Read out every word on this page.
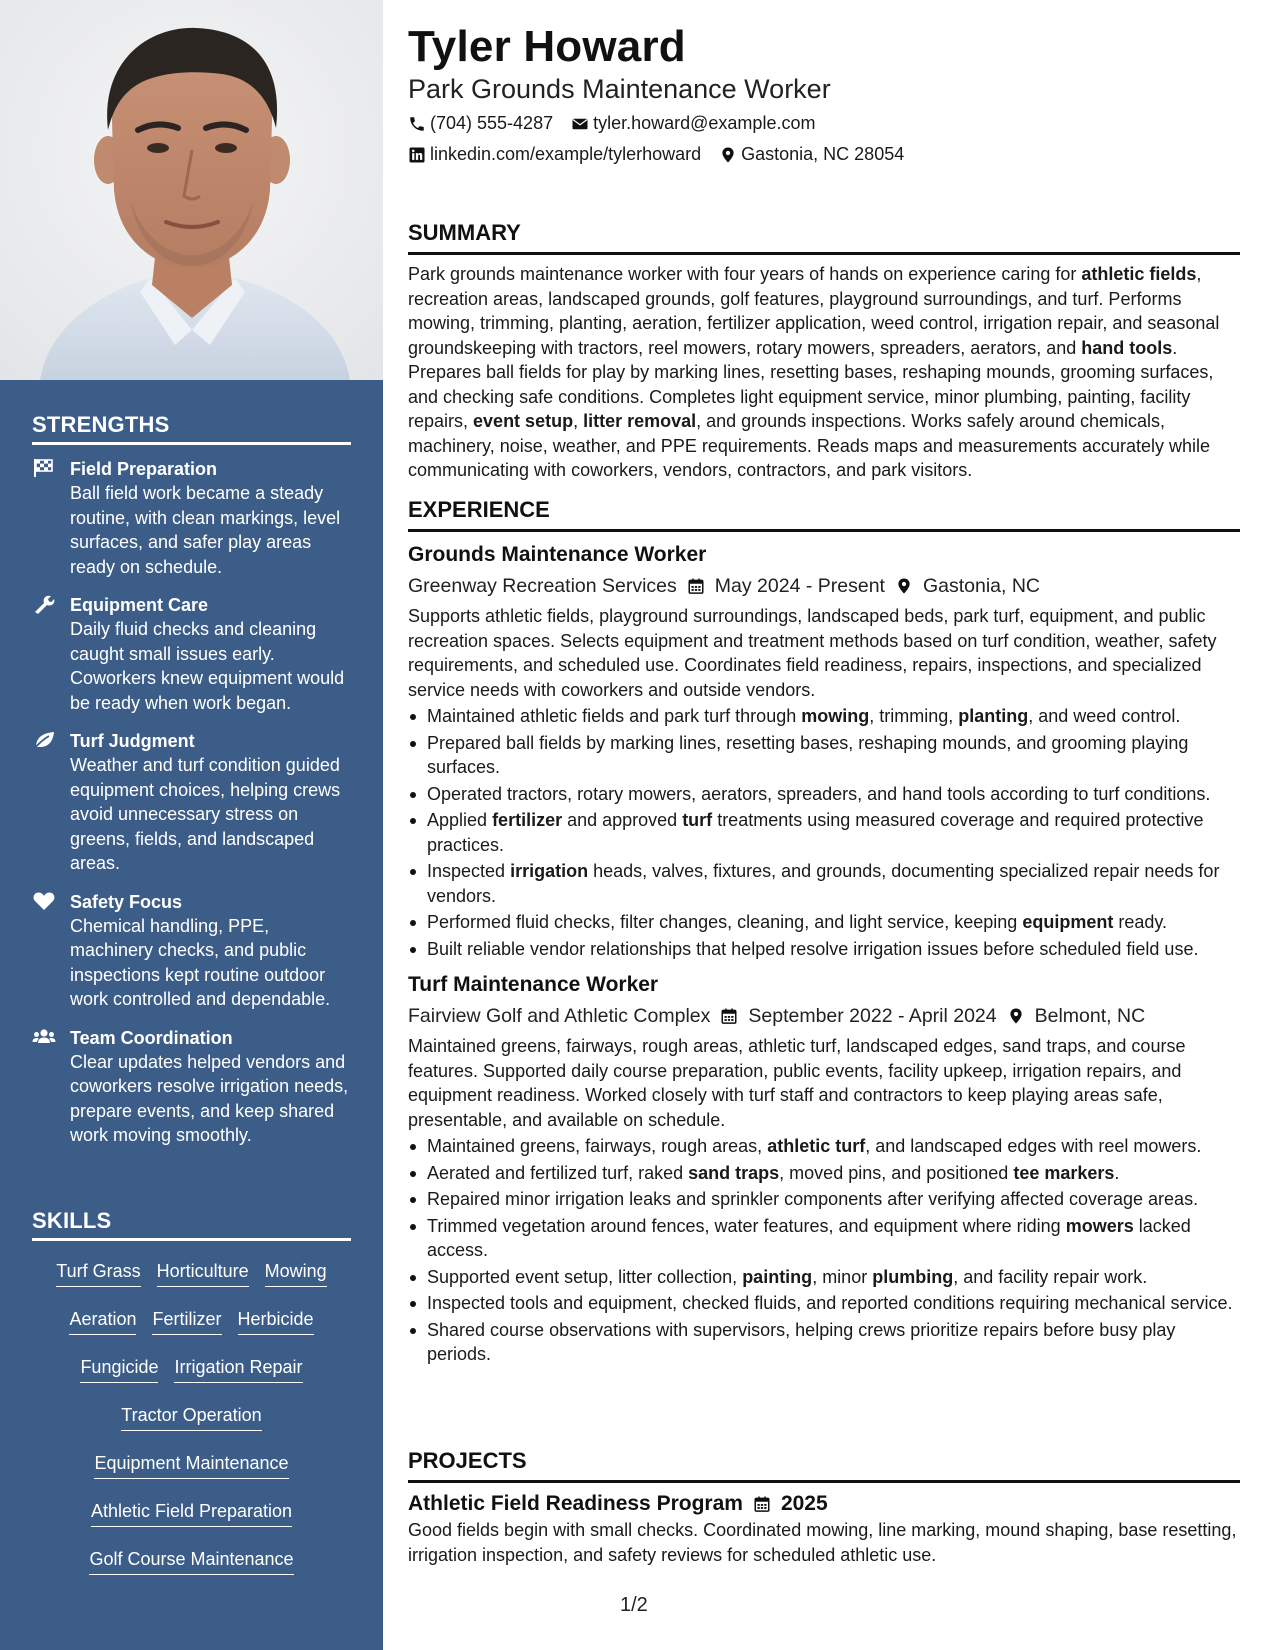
STRENGTHS
Field Preparation
Ball field work became a steady routine, with clean markings, level surfaces, and safer play areas ready on schedule.
Equipment Care
Daily fluid checks and cleaning caught small issues early. Coworkers knew equipment would be ready when work began.
Turf Judgment
Weather and turf condition guided equipment choices, helping crews avoid unnecessary stress on greens, fields, and landscaped areas.
Safety Focus
Chemical handling, PPE, machinery checks, and public inspections kept routine outdoor work controlled and dependable.
Team Coordination
Clear updates helped vendors and coworkers resolve irrigation needs, prepare events, and keep shared work moving smoothly.
SKILLS
Turf Grass Horticulture Mowing
Aeration Fertilizer Herbicide
Fungicide Irrigation Repair
Tractor Operation
Equipment Maintenance
Athletic Field Preparation
Golf Course Maintenance
Tyler Howard
Park Grounds Maintenance Worker
(704) 555-4287 tyler.howard@example.com
linkedin.com/example/tylerhoward Gastonia, NC 28054
SUMMARY

Park grounds maintenance worker with four years of hands on experience caring for athletic fields, recreation areas, landscaped grounds, golf features, playground surroundings, and turf. Performs mowing, trimming, planting, aeration, fertilizer application, weed control, irrigation repair, and seasonal groundskeeping with tractors, reel mowers, rotary mowers, spreaders, aerators, and hand tools. Prepares ball fields for play by marking lines, resetting bases, reshaping mounds, grooming surfaces, and checking safe conditions. Completes light equipment service, minor plumbing, painting, facility repairs, event setup, litter removal, and grounds inspections. Works safely around chemicals, machinery, noise, weather, and PPE requirements. Reads maps and measurements accurately while communicating with coworkers, vendors, contractors, and park visitors.

EXPERIENCE
Grounds Maintenance Worker
Greenway Recreation Services May 2024 - Present Gastonia, NC

Supports athletic fields, playground surroundings, landscaped beds, park turf, equipment, and public recreation spaces. Selects equipment and treatment methods based on turf condition, weather, safety requirements, and scheduled use. Coordinates field readiness, repairs, inspections, and specialized service needs with coworkers and outside vendors.

Maintained athletic fields and park turf through mowing, trimming, planting, and weed control.
Prepared ball fields by marking lines, resetting bases, reshaping mounds, and grooming playing surfaces.
Operated tractors, rotary mowers, aerators, spreaders, and hand tools according to turf conditions.
Applied fertilizer and approved turf treatments using measured coverage and required protective practices.
Inspected irrigation heads, valves, fixtures, and grounds, documenting specialized repair needs for vendors.
Performed fluid checks, filter changes, cleaning, and light service, keeping equipment ready.
Built reliable vendor relationships that helped resolve irrigation issues before scheduled field use.
Turf Maintenance Worker
Fairview Golf and Athletic Complex September 2022 - April 2024 Belmont, NC

Maintained greens, fairways, rough areas, athletic turf, landscaped edges, sand traps, and course features. Supported daily course preparation, public events, facility upkeep, irrigation repairs, and equipment readiness. Worked closely with turf staff and contractors to keep playing areas safe, presentable, and available on schedule.

Maintained greens, fairways, rough areas, athletic turf, and landscaped edges with reel mowers.
Aerated and fertilized turf, raked sand traps, moved pins, and positioned tee markers.
Repaired minor irrigation leaks and sprinkler components after verifying affected coverage areas.
Trimmed vegetation around fences, water features, and equipment where riding mowers lacked access.
Supported event setup, litter collection, painting, minor plumbing, and facility repair work.
Inspected tools and equipment, checked fluids, and reported conditions requiring mechanical service.
Shared course observations with supervisors, helping crews prioritize repairs before busy play periods.
PROJECTS
Athletic Field Readiness Program 2025

Good fields begin with small checks. Coordinated mowing, line marking, mound shaping, base resetting, irrigation inspection, and safety reviews for scheduled athletic use.

1/2
